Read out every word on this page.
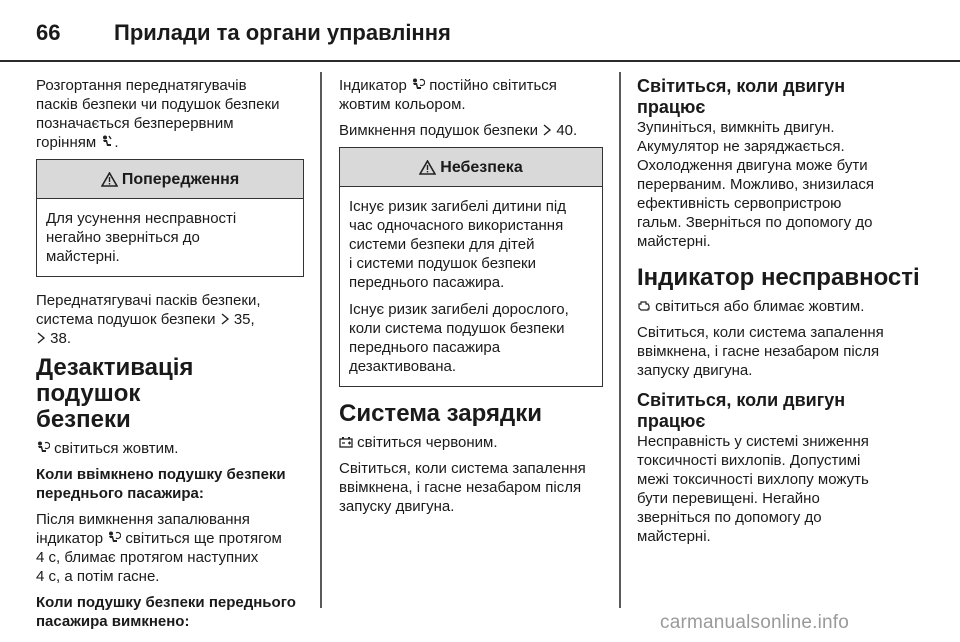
66	Прилади та органи управління

Розгортання переднатягувачів
пасків безпеки чи подушок безпеки
позначається безперервним
горінням .

Попередження

Для усунення несправності
негайно зверніться до
майстерні.

Переднатягувачі пасків безпеки,
система подушок безпеки 35,
38.

Дезактивація подушок
безпеки

світиться жовтим.

Коли ввімкнено подушку безпеки
переднього пасажира:

Після вимкнення запалювання
індикатор світиться ще протягом
4 с, блимає протягом наступних
4 с, а потім гасне.

Коли подушку безпеки переднього
пасажира вимкнено:

Індикатор постійно світиться
жовтим кольором.

Вимкнення подушок безпеки 40.

Небезпека

Існує ризик загибелі дитини під
час одночасного використання
системи безпеки для дітей
і системи подушок безпеки
переднього пасажира.

Існує ризик загибелі дорослого,
коли система подушок безпеки
переднього пасажира
дезактивована.

Система зарядки

світиться червоним.

Світиться, коли система запалення
ввімкнена, і гасне незабаром після
запуску двигуна.

Світиться, коли двигун
працює

Зупиніться, вимкніть двигун.
Акумулятор не заряджається.
Охолодження двигуна може бути
перерваним. Можливо, знизилася
ефективність сервопристрою
гальм. Зверніться по допомогу до
майстерні.

Індикатор несправності

світиться або блимає жовтим.

Світиться, коли система запалення
ввімкнена, і гасне незабаром після
запуску двигуна.

Світиться, коли двигун
працює

Несправність у системі зниження
токсичності вихлопів. Допустимі
межі токсичності вихлопу можуть
бути перевищені. Негайно
зверніться по допомогу до
майстерні.

carmanualsonline.info
